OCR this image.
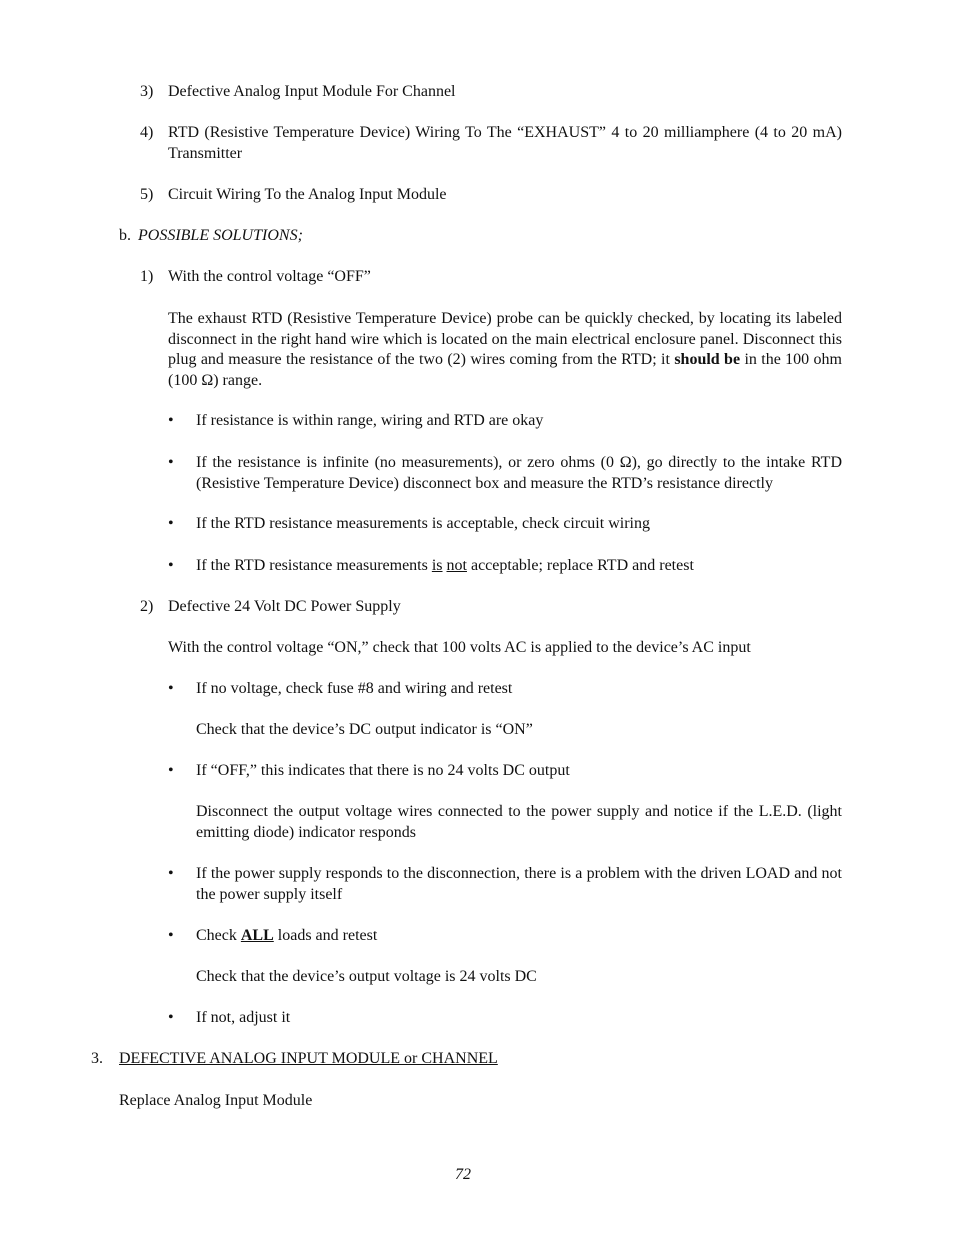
3) Defective Analog Input Module For Channel
4) RTD (Resistive Temperature Device) Wiring To The “EXHAUST” 4 to 20 milliamphere (4 to 20 mA) Transmitter
5) Circuit Wiring To the Analog Input Module
b. POSSIBLE SOLUTIONS;
1) With the control voltage “OFF”
The exhaust RTD (Resistive Temperature Device) probe can be quickly checked, by locating its labeled disconnect in the right hand wire which is located on the main electrical enclosure panel. Disconnect this plug and measure the resistance of the two (2) wires coming from the RTD; it should be in the 100 ohm (100 Ω) range.
• If resistance is within range, wiring and RTD are okay
• If the resistance is infinite (no measurements), or zero ohms (0 Ω), go directly to the intake RTD (Resistive Temperature Device) disconnect box and measure the RTD’s resistance directly
• If the RTD resistance measurements is acceptable, check circuit wiring
• If the RTD resistance measurements is not acceptable; replace RTD and retest
2) Defective 24 Volt DC Power Supply
With the control voltage “ON,” check that 100 volts AC is applied to the device’s AC input
• If no voltage, check fuse #8 and wiring and retest
Check that the device’s DC output indicator is “ON”
• If “OFF,” this indicates that there is no 24 volts DC output
Disconnect the output voltage wires connected to the power supply and notice if the L.E.D. (light emitting diode) indicator responds
• If the power supply responds to the disconnection, there is a problem with the driven LOAD and not the power supply itself
• Check ALL loads and retest
Check that the device’s output voltage is 24 volts DC
• If not, adjust it
3. DEFECTIVE ANALOG INPUT MODULE or CHANNEL
Replace Analog Input Module
72
